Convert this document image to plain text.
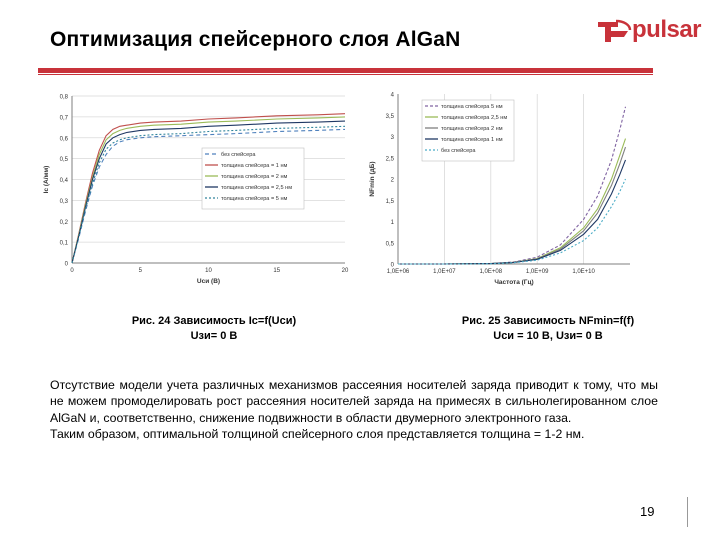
Оптимизация спейсерного слоя AlGaN	pulsar
0
0,1
0,2
0,3
0,4
0,5
0,6
0,7
0,8
0	5	10	15	20
Uси (В)
Iс (А/мм)
без спейсера
толщина спейсера = 1 нм
толщина спейсера = 2 нм
толщина спейсера = 2,5 нм
толщина спейсера = 5 нм
0
0,5
1
1,5
2
2,5
3
3,5
4
1,0E+06	1,0E+07	1,0E+08	1,0E+09	1,0E+10
Частота (Гц)
NFmin (дБ)
толщина спейсера 5 нм
толщина спейсера 2,5 нм
толщина спейсера 2 нм
толщина спейсера 1 нм
без спейсера
Рис. 24 Зависимость Iс=f(Uси)
Uзи= 0 В
Рис. 25 Зависимость NFmin=f(f)
Uси = 10 В, Uзи= 0 В

Отсутствие модели учета различных механизмов рассеяния носителей заряда приводит к тому, что мы не можем промоделировать рост рассеяния носителей заряда на примесях в сильнолегированном слое AlGaN и, соответственно, снижение подвижности в области двумерного электронного газа.

Таким образом, оптимальной толщиной спейсерного слоя представляется толщина = 1-2 нм.

19
